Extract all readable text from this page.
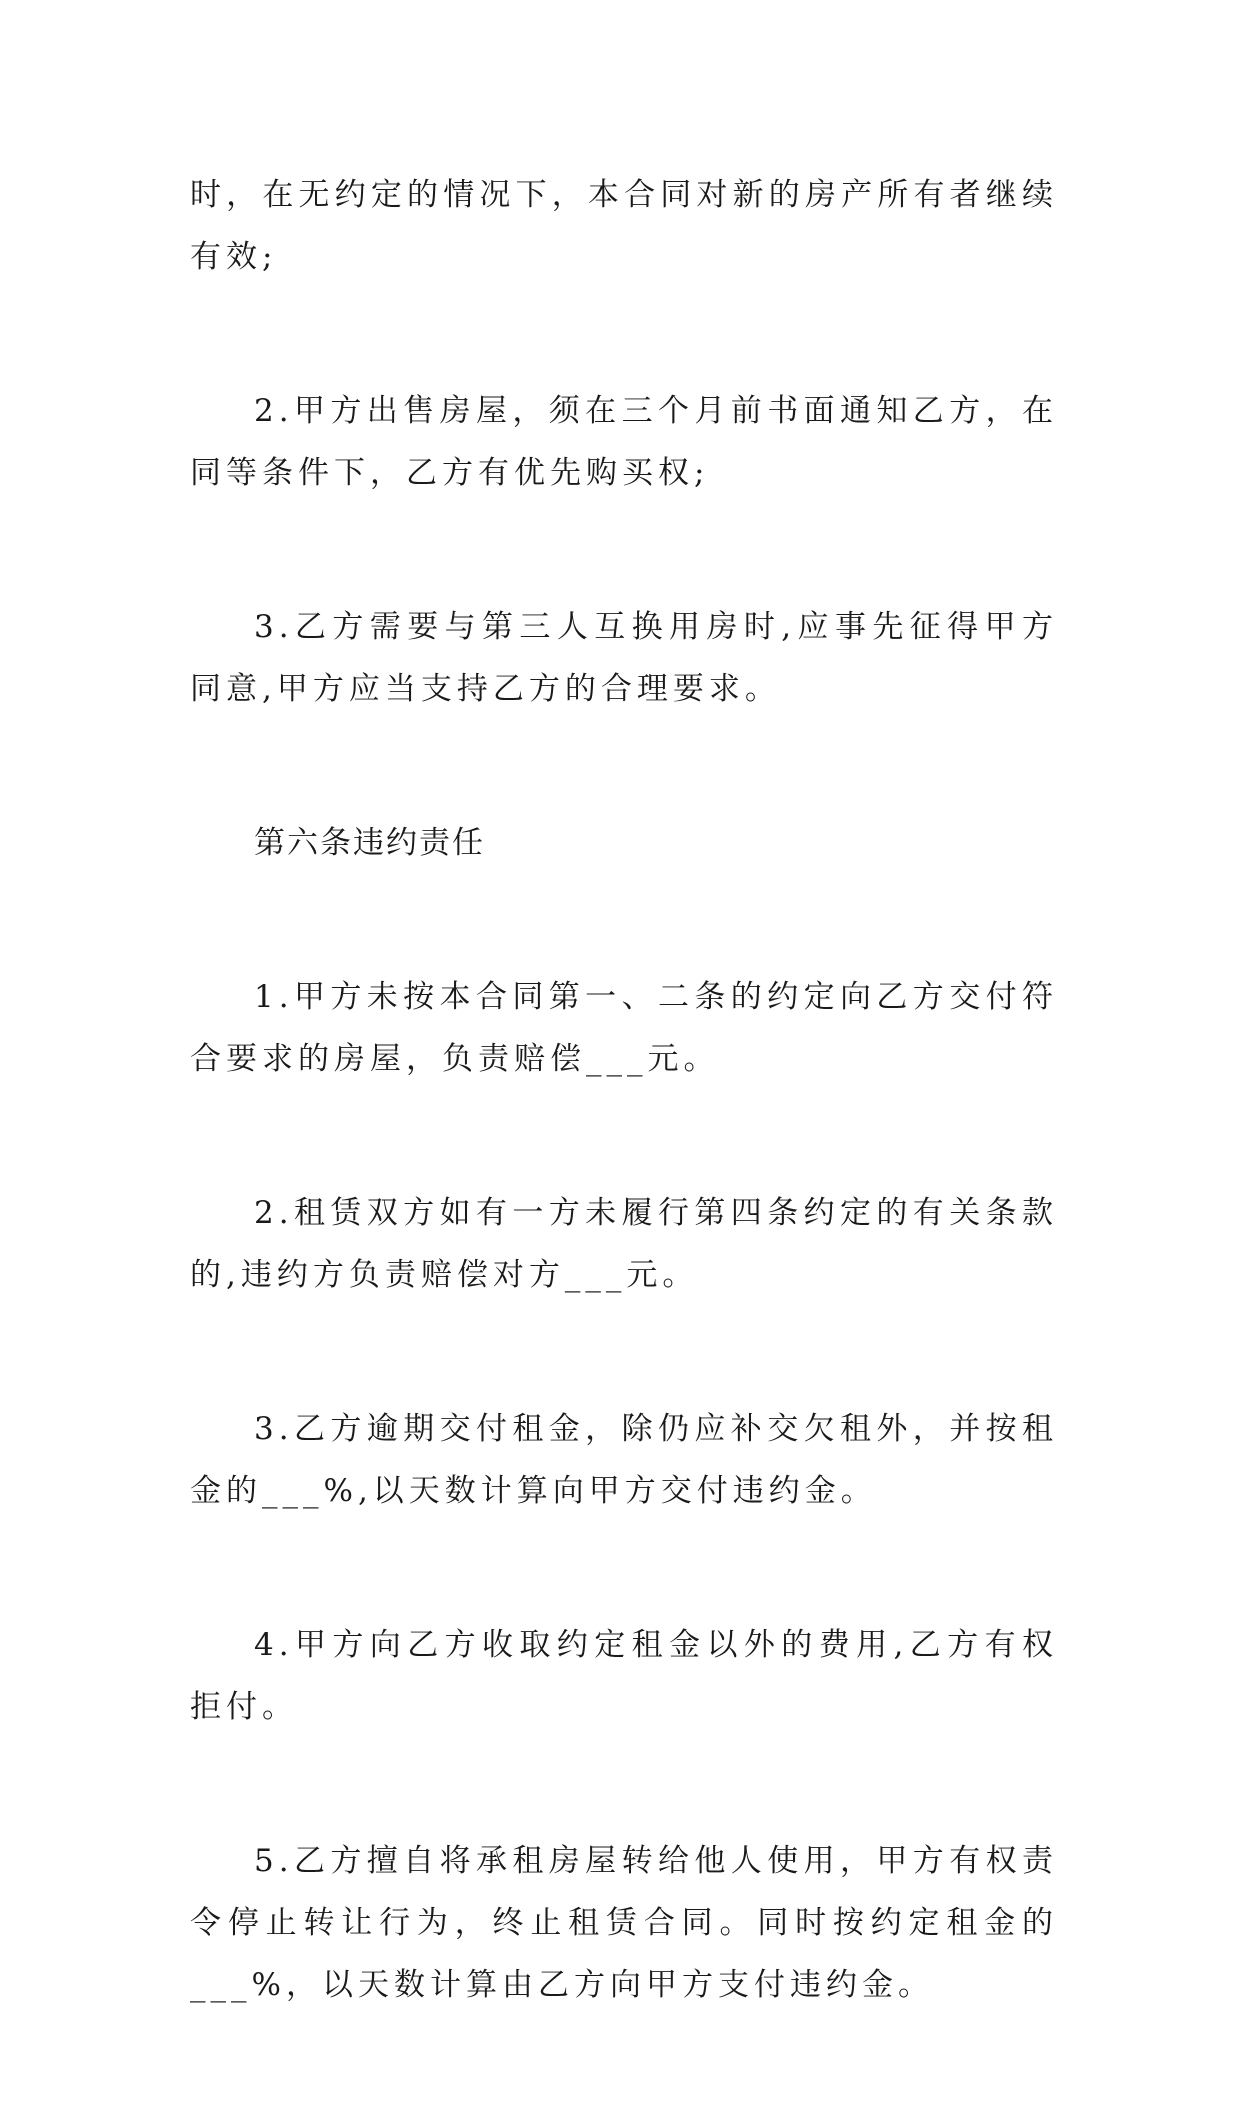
时，在无约定的情况下，本合同对新的房产所有者继续有效;

2.甲方出售房屋，须在三个月前书面通知乙方，在同等条件下，乙方有优先购买权;

3.乙方需要与第三人互换用房时,应事先征得甲方同意,甲方应当支持乙方的合理要求。

第六条违约责任

1.甲方未按本合同第一、二条的约定向乙方交付符合要求的房屋，负责赔偿___元。

2.租赁双方如有一方未履行第四条约定的有关条款的,违约方负责赔偿对方___元。

3.乙方逾期交付租金，除仍应补交欠租外，并按租金的___%,以天数计算向甲方交付违约金。

4.甲方向乙方收取约定租金以外的费用,乙方有权拒付。

5.乙方擅自将承租房屋转给他人使用，甲方有权责令停止转让行为，终止租赁合同。同时按约定租金的___%，以天数计算由乙方向甲方支付违约金。
